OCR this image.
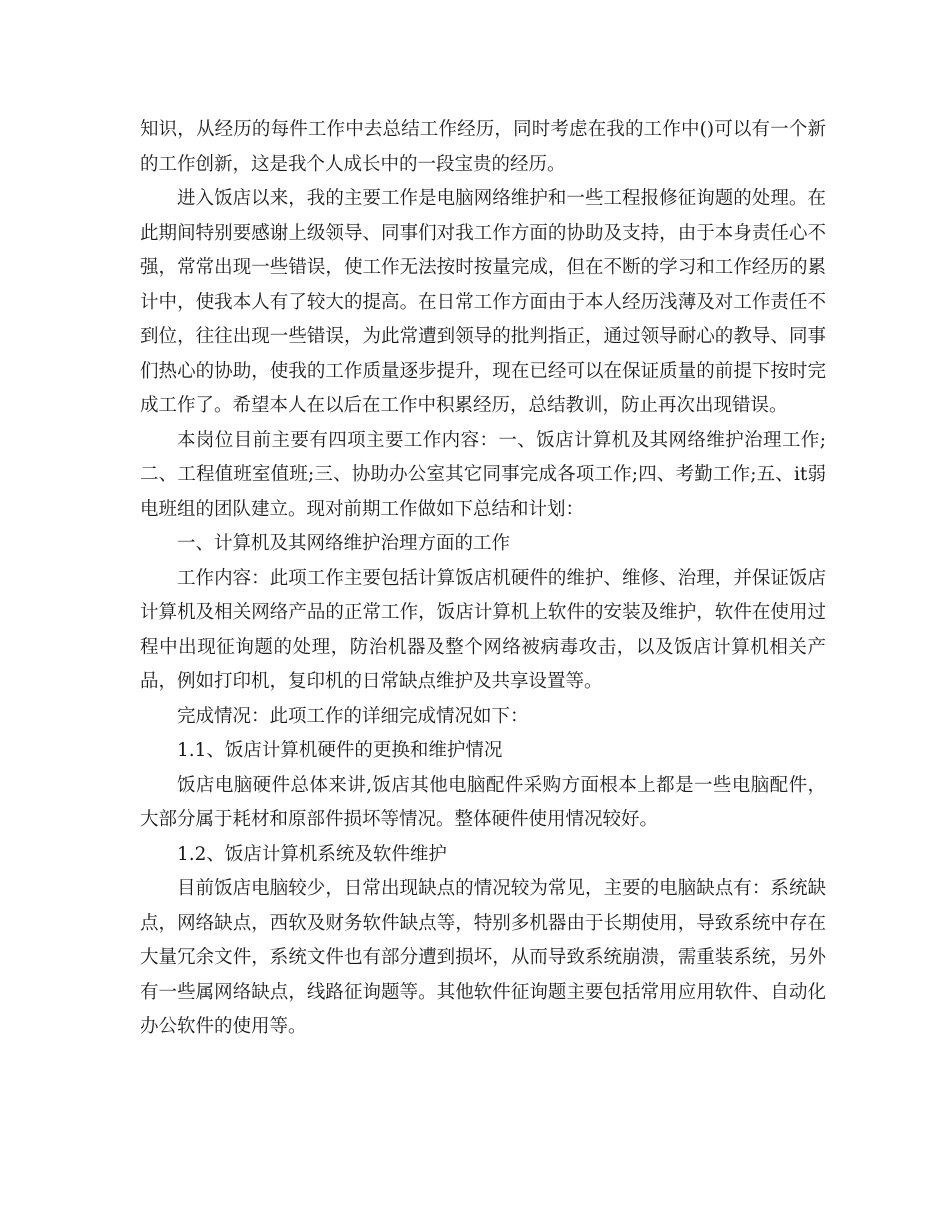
知识，从经历的每件工作中去总结工作经历，同时考虑在我的工作中()可以有一个新的工作创新，这是我个人成长中的一段宝贵的经历。

进入饭店以来，我的主要工作是电脑网络维护和一些工程报修征询题的处理。在此期间特别要感谢上级领导、同事们对我工作方面的协助及支持，由于本身责任心不强，常常出现一些错误，使工作无法按时按量完成，但在不断的学习和工作经历的累计中，使我本人有了较大的提高。在日常工作方面由于本人经历浅薄及对工作责任不到位，往往出现一些错误，为此常遭到领导的批判指正，通过领导耐心的教导、同事们热心的协助，使我的工作质量逐步提升，现在已经可以在保证质量的前提下按时完成工作了。希望本人在以后在工作中积累经历，总结教训，防止再次出现错误。

本岗位目前主要有四项主要工作内容：一、饭店计算机及其网络维护治理工作;二、工程值班室值班;三、协助办公室其它同事完成各项工作;四、考勤工作;五、it弱电班组的团队建立。现对前期工作做如下总结和计划：

一、计算机及其网络维护治理方面的工作

工作内容：此项工作主要包括计算饭店机硬件的维护、维修、治理，并保证饭店计算机及相关网络产品的正常工作，饭店计算机上软件的安装及维护，软件在使用过程中出现征询题的处理，防治机器及整个网络被病毒攻击，以及饭店计算机相关产品，例如打印机，复印机的日常缺点维护及共享设置等。

完成情况：此项工作的详细完成情况如下：

1.1、饭店计算机硬件的更换和维护情况

饭店电脑硬件总体来讲,饭店其他电脑配件采购方面根本上都是一些电脑配件，大部分属于耗材和原部件损坏等情况。整体硬件使用情况较好。

1.2、饭店计算机系统及软件维护

目前饭店电脑较少，日常出现缺点的情况较为常见，主要的电脑缺点有：系统缺点，网络缺点，西软及财务软件缺点等，特别多机器由于长期使用，导致系统中存在大量冗余文件，系统文件也有部分遭到损坏，从而导致系统崩溃，需重装系统，另外有一些属网络缺点，线路征询题等。其他软件征询题主要包括常用应用软件、自动化办公软件的使用等。
